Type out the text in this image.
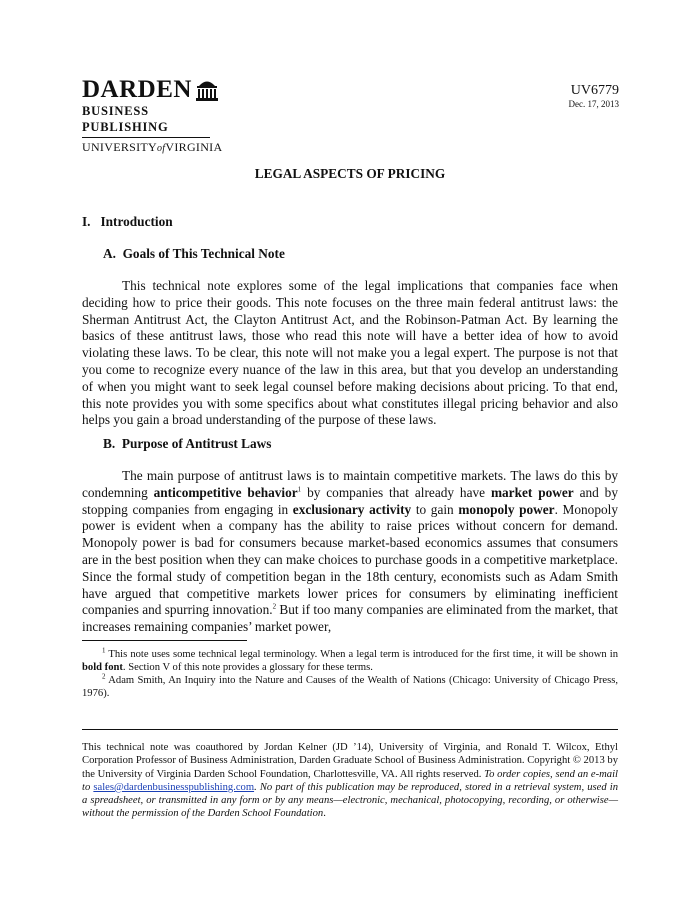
DARDEN
BUSINESS PUBLISHING
UNIVERSITYofVIRGINIA
UV6779
Dec. 17, 2013
LEGAL ASPECTS OF PRICING
I.   Introduction
A.  Goals of This Technical Note

This technical note explores some of the legal implications that companies face when deciding how to price their goods. This note focuses on the three main federal antitrust laws: the Sherman Antitrust Act, the Clayton Antitrust Act, and the Robinson-Patman Act. By learning the basics of these antitrust laws, those who read this note will have a better idea of how to avoid violating these laws. To be clear, this note will not make you a legal expert. The purpose is not that you come to recognize every nuance of the law in this area, but that you develop an understanding of when you might want to seek legal counsel before making decisions about pricing. To that end, this note provides you with some specifics about what constitutes illegal pricing behavior and also helps you gain a broad understanding of the purpose of these laws.

B.  Purpose of Antitrust Laws

The main purpose of antitrust laws is to maintain competitive markets. The laws do this by condemning anticompetitive behavior$^1$ by companies that already have market power and by stopping companies from engaging in exclusionary activity to gain monopoly power. Monopoly power is evident when a company has the ability to raise prices without concern for demand. Monopoly power is bad for consumers because market-based economics assumes that consumers are in the best position when they can make choices to purchase goods in a competitive marketplace. Since the formal study of competition began in the 18th century, economists such as Adam Smith have argued that competitive markets lower prices for consumers by eliminating inefficient companies and spurring innovation.$^2$ But if too many companies are eliminated from the market, that increases remaining companies’ market power,

$^1$ This note uses some technical legal terminology. When a legal term is introduced for the first time, it will be shown in bold font. Section V of this note provides a glossary for these terms.

$^2$ Adam Smith, An Inquiry into the Nature and Causes of the Wealth of Nations (Chicago: University of Chicago Press, 1976).

This technical note was coauthored by Jordan Kelner (JD ’14), University of Virginia, and Ronald T. Wilcox, Ethyl Corporation Professor of Business Administration, Darden Graduate School of Business Administration. Copyright © 2013 by the University of Virginia Darden School Foundation, Charlottesville, VA. All rights reserved. To order copies, send an e-mail to sales@dardenbusinesspublishing.com. No part of this publication may be reproduced, stored in a retrieval system, used in a spreadsheet, or transmitted in any form or by any means—electronic, mechanical, photocopying, recording, or otherwise—without the permission of the Darden School Foundation.
